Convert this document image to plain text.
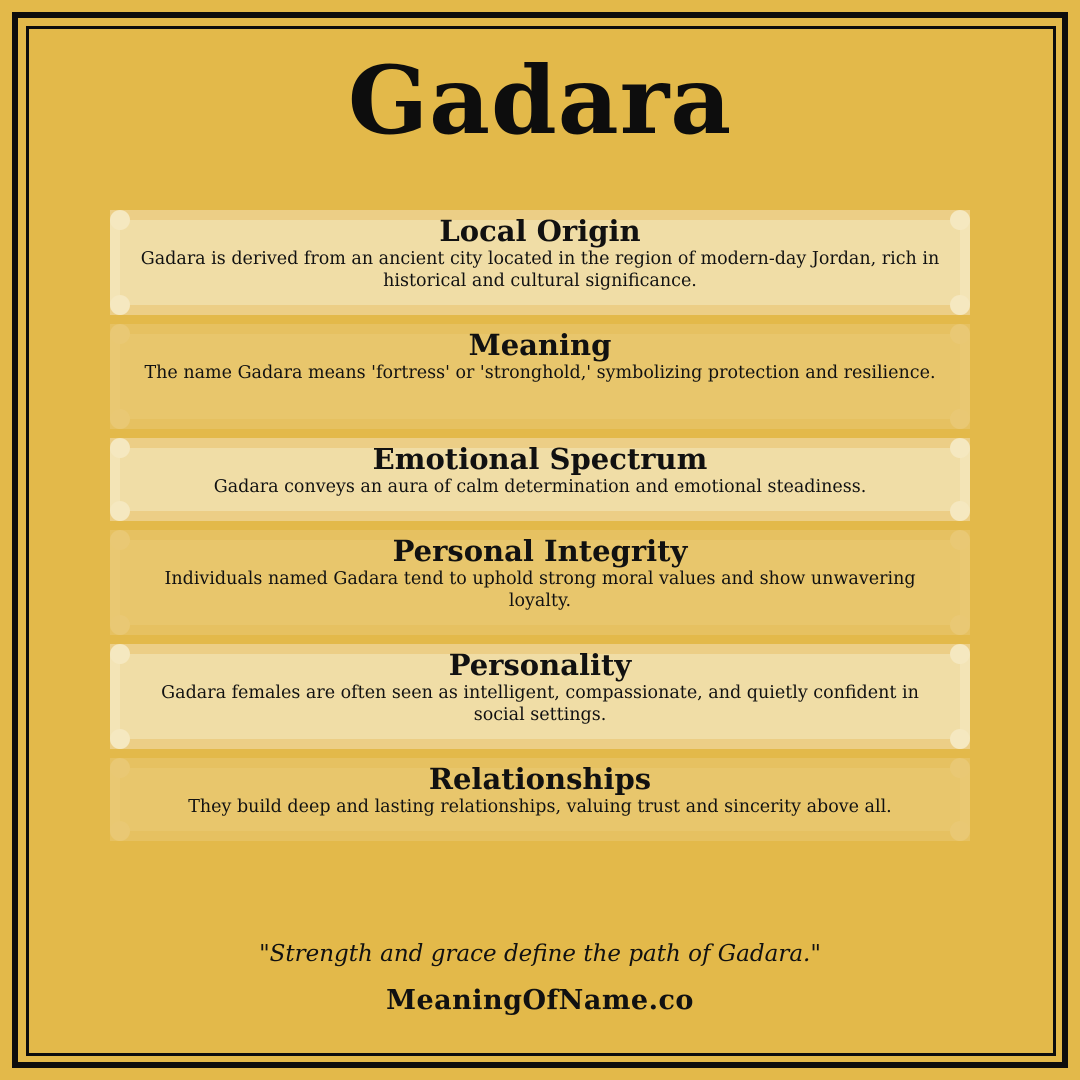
Gadara
Local Origin

Gadara is derived from an ancient city located in the region of modern-day Jordan, rich in historical and cultural significance.

Meaning

The name Gadara means 'fortress' or 'stronghold,' symbolizing protection and resilience.

Emotional Spectrum

Gadara conveys an aura of calm determination and emotional steadiness.

Personal Integrity

Individuals named Gadara tend to uphold strong moral values and show unwavering loyalty.

Personality

Gadara females are often seen as intelligent, compassionate, and quietly confident in social settings.

Relationships

They build deep and lasting relationships, valuing trust and sincerity above all.

"Strength and grace define the path of Gadara."
MeaningOfName.co
